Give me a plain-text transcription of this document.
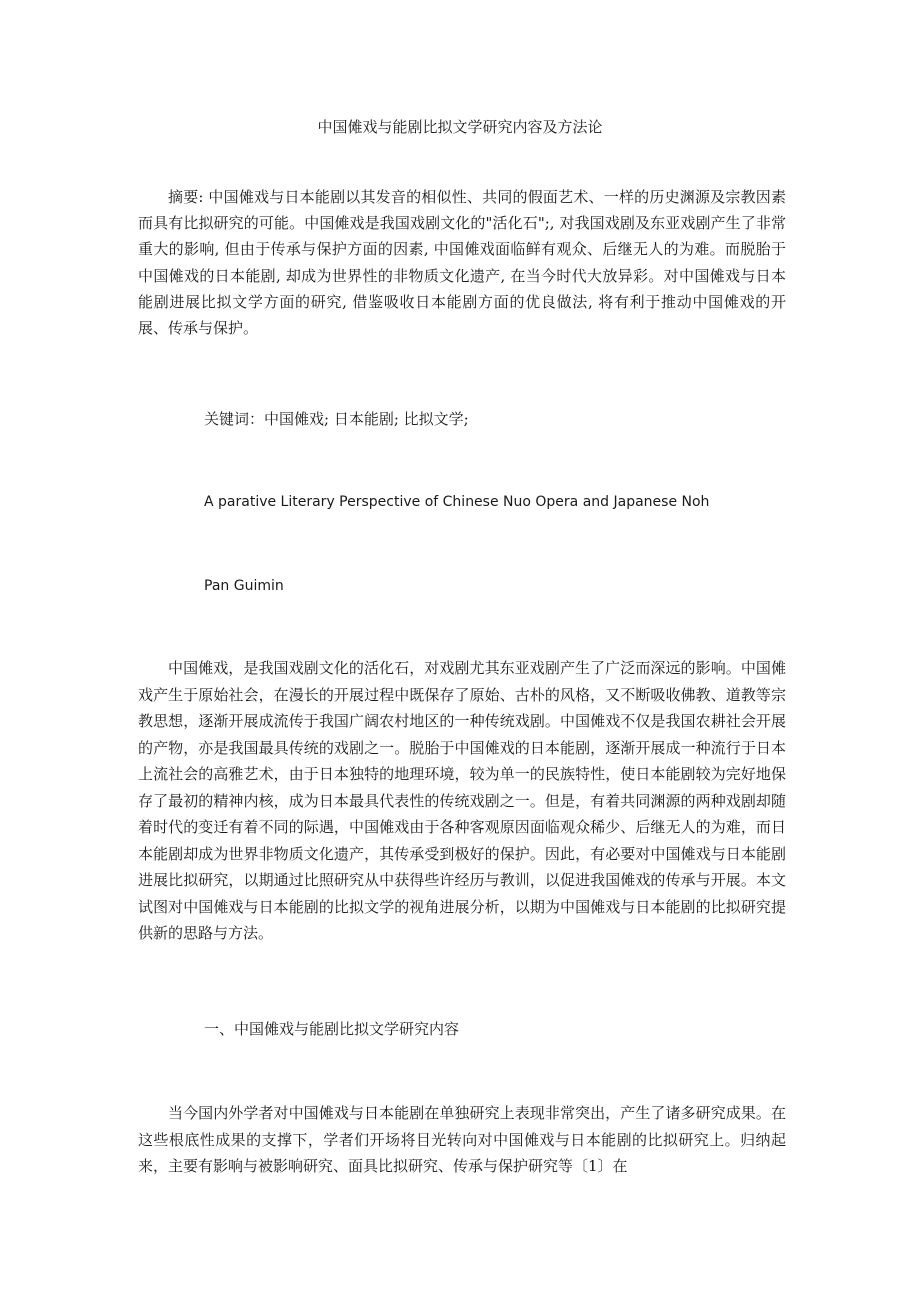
中国傩戏与能剧比拟文学研究内容及方法论
摘要: 中国傩戏与日本能剧以其发音的相似性、共同的假面艺术、一样的历史渊源及宗教因素而具有比拟研究的可能。中国傩戏是我国戏剧文化的"活化石";, 对我国戏剧及东亚戏剧产生了非常重大的影响, 但由于传承与保护方面的因素, 中国傩戏面临鲜有观众、后继无人的为难。而脱胎于中国傩戏的日本能剧, 却成为世界性的非物质文化遗产, 在当今时代大放异彩。对中国傩戏与日本能剧进展比拟文学方面的研究, 借鉴吸收日本能剧方面的优良做法, 将有利于推动中国傩戏的开展、传承与保护。
关键词：中国傩戏; 日本能剧; 比拟文学;
A parative Literary Perspective of Chinese Nuo Opera and Japanese Noh
Pan Guimin
中国傩戏，是我国戏剧文化的活化石，对戏剧尤其东亚戏剧产生了广泛而深远的影响。中国傩戏产生于原始社会，在漫长的开展过程中既保存了原始、古朴的风格，又不断吸收佛教、道教等宗教思想，逐渐开展成流传于我国广阔农村地区的一种传统戏剧。中国傩戏不仅是我国农耕社会开展的产物，亦是我国最具传统的戏剧之一。脱胎于中国傩戏的日本能剧，逐渐开展成一种流行于日本上流社会的高雅艺术，由于日本独特的地理环境，较为单一的民族特性，使日本能剧较为完好地保存了最初的精神内核，成为日本最具代表性的传统戏剧之一。但是，有着共同渊源的两种戏剧却随着时代的变迁有着不同的际遇，中国傩戏由于各种客观原因面临观众稀少、后继无人的为难，而日本能剧却成为世界非物质文化遗产，其传承受到极好的保护。因此，有必要对中国傩戏与日本能剧进展比拟研究，以期通过比照研究从中获得些许经历与教训，以促进我国傩戏的传承与开展。本文试图对中国傩戏与日本能剧的比拟文学的视角进展分析，以期为中国傩戏与日本能剧的比拟研究提供新的思路与方法。
一、中国傩戏与能剧比拟文学研究内容
当今国内外学者对中国傩戏与日本能剧在单独研究上表现非常突出，产生了诸多研究成果。在这些根底性成果的支撑下，学者们开场将目光转向对中国傩戏与日本能剧的比拟研究上。归纳起来，主要有影响与被影响研究、面具比拟研究、传承与保护研究等〔1〕在
